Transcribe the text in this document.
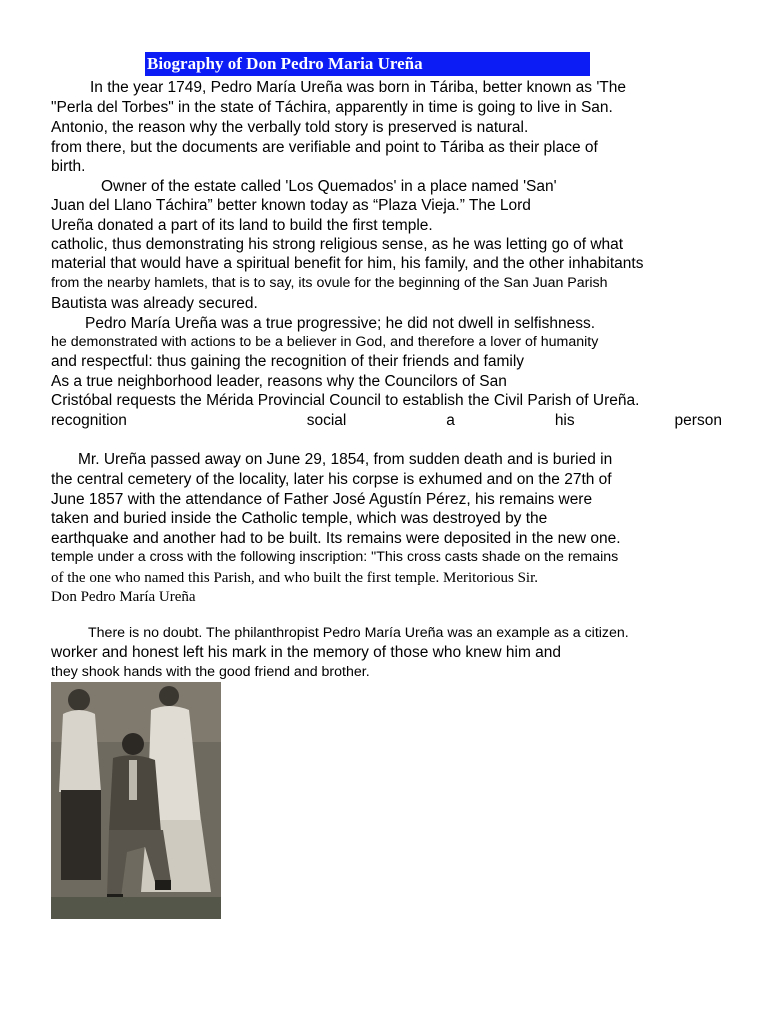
Biography of Don Pedro Maria Ureña
In the year 1749, Pedro María Ureña was born in Táriba, better known as 'The
"Perla del Torbes" in the state of Táchira, apparently in time is going to live in San.
Antonio, the reason why the verbally told story is preserved is natural.
from there, but the documents are verifiable and point to Táriba as their place of
birth.
Owner of the estate called 'Los Quemados' in a place named 'San'
Juan del Llano Táchira” better known today as “Plaza Vieja.” The Lord
Ureña donated a part of its land to build the first temple.
catholic, thus demonstrating his strong religious sense, as he was letting go of what
material that would have a spiritual benefit for him, his family, and the other inhabitants
from the nearby hamlets, that is to say, its ovule for the beginning of the San Juan Parish
Bautista was already secured.
Pedro María Ureña was a true progressive; he did not dwell in selfishness.
he demonstrated with actions to be a believer in God, and therefore a lover of humanity
and respectful: thus gaining the recognition of their friends and family
As a true neighborhood leader, reasons why the Councilors of San
Cristóbal requests the Mérida Provincial Council to establish the Civil Parish of Ureña.
recognition	social	a	his	person
Mr. Ureña passed away on June 29, 1854, from sudden death and is buried in
the central cemetery of the locality, later his corpse is exhumed and on the 27th of
June 1857 with the attendance of Father José Agustín Pérez, his remains were
taken and buried inside the Catholic temple, which was destroyed by the
earthquake and another had to be built. Its remains were deposited in the new one.
temple under a cross with the following inscription: "This cross casts shade on the remains
of the one who named this Parish, and who built the first temple. Meritorious Sir.
Don Pedro María Ureña
There is no doubt. The philanthropist Pedro María Ureña was an example as a citizen.
worker and honest left his mark in the memory of those who knew him and
they shook hands with the good friend and brother.
